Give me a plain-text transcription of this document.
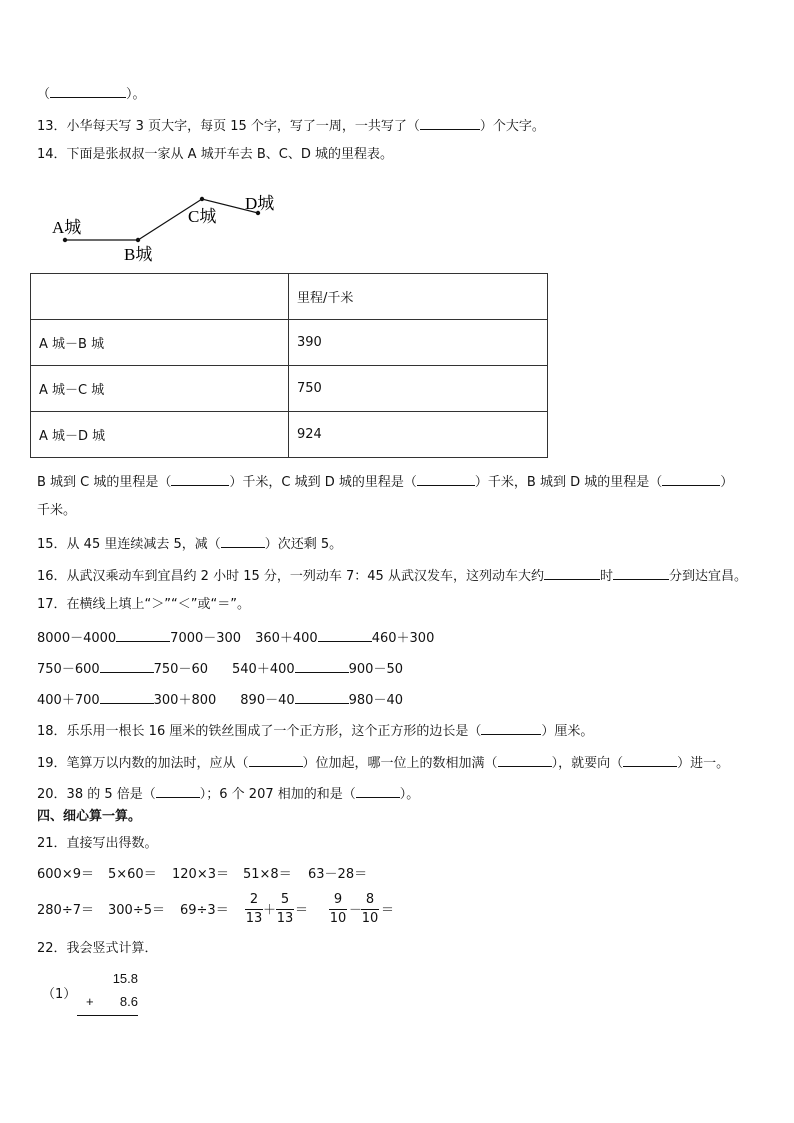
（	）。
13．小华每天写 3 页大字，每页 15 个字，写了一周，一共写了（	）个大字。
14．下面是张叔叔一家从 A 城开车去 B、C、D 城的里程表。
A城
B城
C城
D城
	里程/千米
A 城－B 城	390
A 城－C 城	750
A 城－D 城	924
B 城到 C 城的里程是（	）千米，C 城到 D 城的里程是（	）千米，B 城到 D 城的里程是（	）
千米。
15．从 45 里连续减去 5，减（	）次还剩 5。
16．从武汉乘动车到宜昌约 2 小时 15 分，一列动车 7：45 从武汉发车，这列动车大约	时	分到达宜昌。
17．在横线上填上“＞”“＜”或“＝”。
8000－4000	7000－300 360＋400	460＋300
750－600	750－60 540＋400	900－50
400＋700	300＋800 890－40	980－40
18．乐乐用一根长 16 厘米的铁丝围成了一个正方形，这个正方形的边长是（	）厘米。
19．笔算万以内数的加法时，应从（	）位加起，哪一位上的数相加满（	），就要向（	）进一。
20．38 的 5 倍是（	）；6 个 207 相加的和是（	）。
四、细心算一算。
21．直接写出得数。
600×9＝ 5×60＝ 120×3＝ 51×8＝ 63－28＝
280÷7＝ 300÷5＝ 69÷3＝
2
13
＋
5
13
＝
9
10
－
8
10
＝
22．我会竖式计算．
（1）
15.8
+	8.6
